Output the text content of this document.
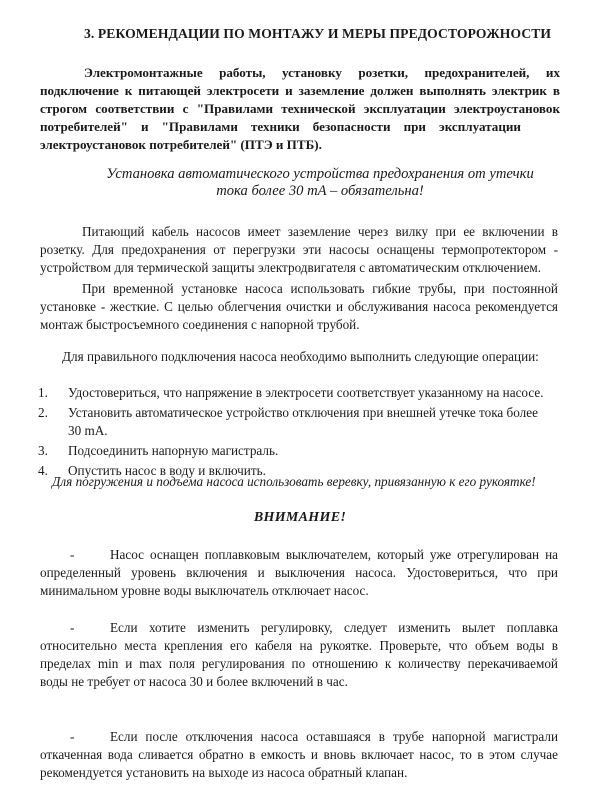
3. РЕКОМЕНДАЦИИ ПО МОНТАЖУ И МЕРЫ ПРЕДОСТОРОЖНОСТИ
Электромонтажные работы, установку розетки, предохранителей, их
подключение к питающей электросети и заземление должен выполнять электрик в
строгом соответствии с "Правилами технической эксплуатации электроустановок
потребителей"    и    "Правилами    техники    безопасности    при    эксплуатации
электроустановок потребителей" (ПТЭ и ПТБ).
Установка автоматического устройства предохранения от утечки
тока более 30 mA – обязательна!
Питающий кабель насосов имеет заземление через вилку при ее включении в
розетку. Для предохранения от перегрузки эти насосы оснащены термопротектором -
устройством для термической защиты электродвигателя с автоматическим отключением.
При временной установке насоса использовать гибкие трубы, при постоянной
установке - жесткие. С целью облегчения очистки и обслуживания насоса рекомендуется
монтаж быстросъемного соединения с напорной трубой.
Для правильного подключения насоса необходимо выполнить следующие операции:
1. Удостовериться, что напряжение в электросети соответствует указанному на насосе.
2. Установить автоматическое устройство отключения при внешней утечке тока более
30 mA.
3. Подсоединить напорную магистраль.
4. Опустить насос в воду и включить.
Для погружения и подъема насоса использовать веревку, привязанную к его рукоятке!
ВНИМАНИЕ!
-	Насос оснащен поплавковым выключателем, который уже отрегулирован на
определенный уровень включения и выключения насоса. Удостовериться, что при
минимальном уровне воды выключатель отключает насос.
-	Если хотите изменить регулировку, следует изменить вылет поплавка
относительно места крепления его кабеля на рукоятке. Проверьте, что объем воды в
пределах min и max поля регулирования по отношению к количеству перекачиваемой
воды не требует от насоса 30 и более включений в час.
-	Если после отключения насоса оставшаяся в трубе напорной магистрали
откаченная вода сливается обратно в емкость и вновь включает насос, то в этом случае
рекомендуется установить на выходе из насоса обратный клапан.
